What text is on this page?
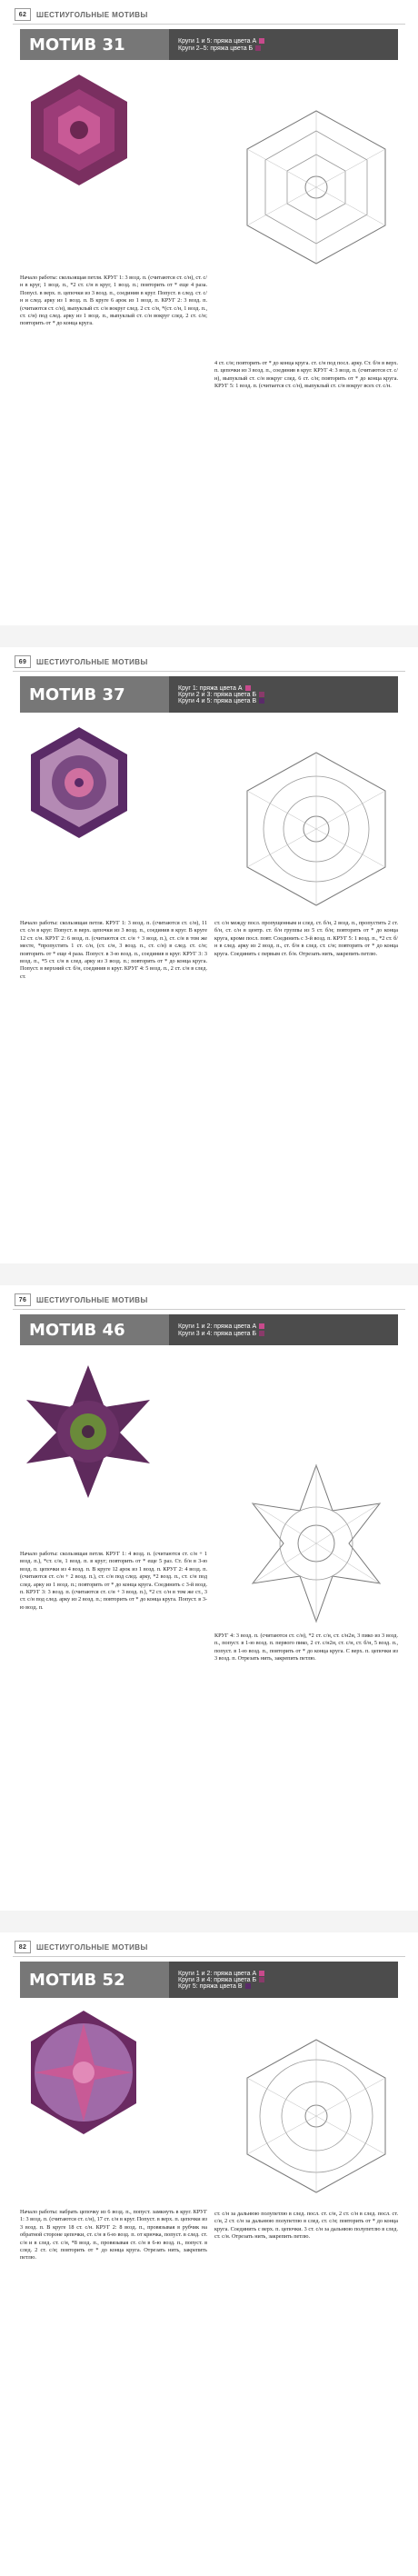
62	ШЕСТИУГОЛЬНЫЕ МОТИВЫ
МОТИВ 31	Круги 1 и 5: пряжа цвета А
Круги 2–5: пряжа цвета Б
Начало работы: скользящая петля. КРУГ 1: 3 возд. п. (считаются ст. с/н), ст. с/н в круг, 1 возд. п., *2 ст. с/н в круг, 1 возд. п.; повторить от * еще 4 раза. Попусt. в верх. п. цепочки из 3 возд. п., соединив в круг. Попуст. в след. ст. с/н и след. арку из 1 возд. п. В круге 6 арок из 1 возд. п. КРУГ 2: 3 возд. п. (считаются ст. с/н), выпуклый ст. с/н вокруг след. 2 ст. с/н, *(ст. с/н, 1 возд. п., ст. с/н) под след. арку из 1 возд. п., выпуклый ст. с/н вокруг след. 2 ст. с/н; повторить от * до конца круга.
4 ст. с/н; повторить от * до конца круга. ст. с/н под посл. арку. Ст. б/н в верх. п. цепочки из 3 возд. п., соединив в круг. КРУГ 4: 3 возд. п. (считаются ст. с/н), выпуклый ст. с/н вокруг след. 6 ст. с/н; повторить от * до конца круга. КРУГ 5: 1 возд. п. (считается ст. с/н), выпуклый ст. с/н вокруг всех ст. с/н.
69	ШЕСТИУГОЛЬНЫЕ МОТИВЫ
МОТИВ 37	Круг 1: пряжа цвета А
Круги 2 и 3: пряжа цвета Б
Круги 4 и 5: пряжа цвета В
Начало работы: скользящая петля. КРУГ 1: 3 возд. п. (считаются ст. с/н), 11 ст. с/н в круг. Попуст. в верх. цепочки из 3 возд. п., соединив в круг. В круге 12 ст. с/н. КРУГ 2: 6 возд. п. (считаются ст. с/н + 3 возд. п.), ст. с/н в том же месте, *пропустить 1 ст. с/н, (ст. с/н, 3 возд. п., ст. с/н) в след. ст. с/н; повторить от * еще 4 раза. Попуст. в 3-ю возд. п., соединив в круг. КРУГ 3: 3 возд. п., *5 ст. с/н в след. арку из 3 возд. п.; повторить от * до конца круга. Попуст. в верхний ст. б/н, соединив в круг. КРУГ 4: 5 возд. п., 2 ст. с/н в след. ст.
ст. с/н между посл. пропущенным и след. ст. б/н, 2 возд. п., пропустить 2 ст. б/н, ст. с/н в центр. ст. б/н группы из 5 ст. б/н; повторить от * до конца круга, кроме посл. повт. Соединить с 3-й возд. п. КРУГ 5: 1 возд. п., *2 ст. б/н в след. арку из 2 возд. п., ст. б/н в след. ст. с/н; повторить от * до конца круга. Соединить с первым ст. б/н. Отрезать нить, закрепить петлю.
76	ШЕСТИУГОЛЬНЫЕ МОТИВЫ
МОТИВ 46	Круги 1 и 2: пряжа цвета А
Круги 3 и 4: пряжа цвета Б
Начало работы: скользящая петля. КРУГ 1: 4 возд. п. (считаются ст. с/н + 1 возд. п.), *ст. с/н, 1 возд. п. в круг; повторить от * еще 5 раз. Ст. б/н в 3-ю возд. п. цепочки из 4 возд. п. В круге 12 арок из 1 возд. п. КРУГ 2: 4 возд. п. (считаются ст. с/н + 2 возд. п.), ст. с/н под след. арку, *2 возд. п., ст. с/н под след. арку из 1 возд. п.; повторить от * до конца круга. Соединить с 3-й возд. п. КРУГ 3: 3 возд. п. (считаются ст. с/н + 3 возд. п.), *2 ст. с/н в том же ст., 3 ст. с/н под след. арку из 2 возд. п.; повторить от * до конца круга. Попуст. в 3-ю возд. п.
КРУГ 4: 3 возд. п. (считаются ст. с/н), *2 ст. с/н, ст. с/н2н, 3 пико из 3 возд. п., попуст. в 1-ю возд. п. первого пико, 2 ст. с/н2н, ст. с/н, ст. б/н, 5 возд. п., попуст. в 1-ю возд. п., повторить от * до конца круга. С верх. п. цепочки из 3 возд. п. Отрезать нить, закрепить петлю.
82	ШЕСТИУГОЛЬНЫЕ МОТИВЫ
МОТИВ 52	Круги 1 и 2: пряжа цвета А
Круги 3 и 4: пряжа цвета Б
Круг 5: пряжа цвета В
Начало работы: набрать цепочку из 6 возд. п., попуст. замкнуть в круг. КРУГ 1: 3 возд. п. (считаются ст. с/н), 17 ст. с/н в круг. Попуст. в верх. п. цепочки из 3 возд. п. В круге 18 ст. с/н. КРУГ 2: 8 возд. п., провязывая в рубчик на обратной стороне цепочки, ст. с/н в 6-ю возд. п. от крючка, попуст. в след. ст. с/н и в след. ст. с/н, *8 возд. п., провязывая ст. с/н в 6-ю возд. п., попуст. в след. 2 ст. с/н; повторить от * до конца круга. Отрезать нить, закрепить петлю.
ст. с/н за дальнюю полупетлю в след. посл. ст. с/н, 2 ст. с/н в след. посл. ст. с/н, 2 ст. с/н за дальнюю полупетлю в след. ст. с/н; повторить от * до конца круга. Соединить с верх. п. цепочки. 3 ст. с/н за дальнюю полупетлю в след. ст. с/н. Отрезать нить, закрепить петлю.
